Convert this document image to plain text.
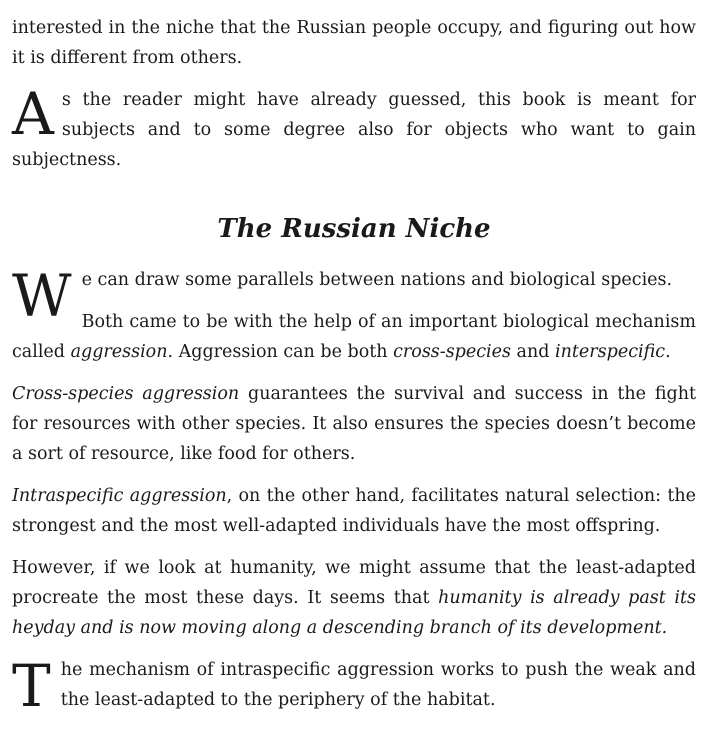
interested in the niche that the Russian people occupy, and figuring out how it is different from others.

As the reader might have already guessed, this book is meant for subjects and to some degree also for objects who want to gain subjectness.

The Russian Niche

W e can draw some parallels between nations and biological species.
Both came to be with the help of an important biological mechanism called aggression. Aggression can be both cross-species and interspecific.

Cross-species aggression guarantees the survival and success in the fight for resources with other species. It also ensures the species doesn’t become a sort of resource, like food for others.

Intraspecific aggression, on the other hand, facilitates natural selection: the strongest and the most well-adapted individuals have the most offspring.

However, if we look at humanity, we might assume that the least-adapted procreate the most these days. It seems that humanity is already past its heyday and is now moving along a descending branch of its development.

The mechanism of intraspecific aggression works to push the weak and the least-adapted to the periphery of the habitat.
